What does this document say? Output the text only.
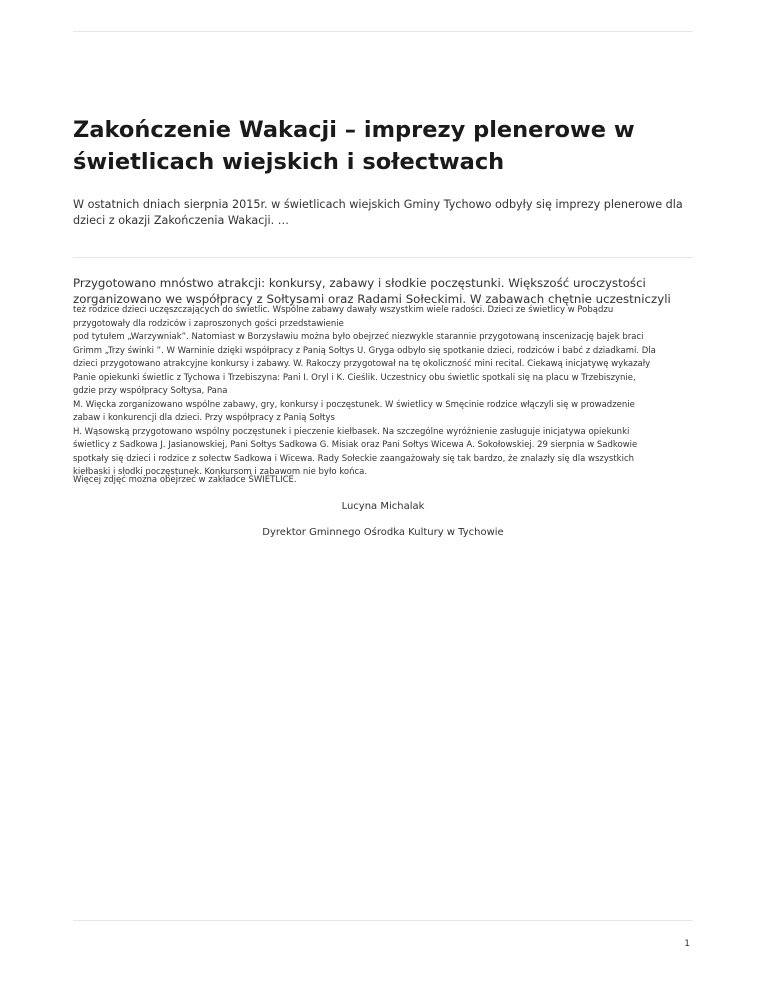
Zakończenie Wakacji – imprezy plenerowe w świetlicach wiejskich i sołectwach

W ostatnich dniach sierpnia 2015r. w świetlicach wiejskich Gminy Tychowo odbyły się imprezy plenerowe dla dzieci z okazji Zakończenia Wakacji. …

Przygotowano mnóstwo atrakcji: konkursy, zabawy i słodkie poczęstunki. Większość uroczystości zorganizowano we współpracy z Sołtysami oraz Radami Sołeckimi. W zabawach chętnie uczestniczyli

też rodzice dzieci uczęszczających do świetlic. Wspólne zabawy dawały wszystkim wiele radości. Dzieci ze świetlicy w Pobądzu
przygotowały dla rodziców i zaproszonych gości przedstawienie
pod tytułem „Warzywniak”. Natomiast w Borzysławiu można było obejrzeć niezwykle starannie przygotowaną inscenizację bajek braci
Grimm „Trzy świnki ”. W Warninie dzięki współpracy z Panią Sołtys U. Gryga odbyło się spotkanie dzieci, rodziców i babć z dziadkami. Dla
dzieci przygotowano atrakcyjne konkursy i zabawy. W. Rakoczy przygotował na tę okoliczność mini recital. Ciekawą inicjatywę wykazały
Panie opiekunki świetlic z Tychowa i Trzebiszyna: Pani I. Oryl i K. Cieślik. Uczestnicy obu świetlic spotkali się na placu w Trzebiszynie,
gdzie przy współpracy Sołtysa, Pana
M. Więcka zorganizowano wspólne zabawy, gry, konkursy i poczęstunek. W świetlicy w Smęcinie rodzice włączyli się w prowadzenie
zabaw i konkurencji dla dzieci. Przy współpracy z Panią Sołtys
H. Wąsowską przygotowano wspólny poczęstunek i pieczenie kiełbasek. Na szczególne wyróżnienie zasługuje inicjatywa opiekunki
świetlicy z Sadkowa J. Jasianowskiej, Pani Sołtys Sadkowa G. Misiak oraz Pani Sołtys Wicewa A. Sokołowskiej. 29 sierpnia w Sadkowie
spotkały się dzieci i rodzice z sołectw Sadkowa i Wicewa. Rady Sołeckie zaangażowały się tak bardzo, że znalazły się dla wszystkich
kiełbaski i słodki poczęstunek. Konkursom i zabawom nie było końca.

Więcej zdjęć można obejrzeć w zakładce ŚWIETLICE.

Lucyna Michalak

Dyrektor Gminnego Ośrodka Kultury w Tychowie

1
